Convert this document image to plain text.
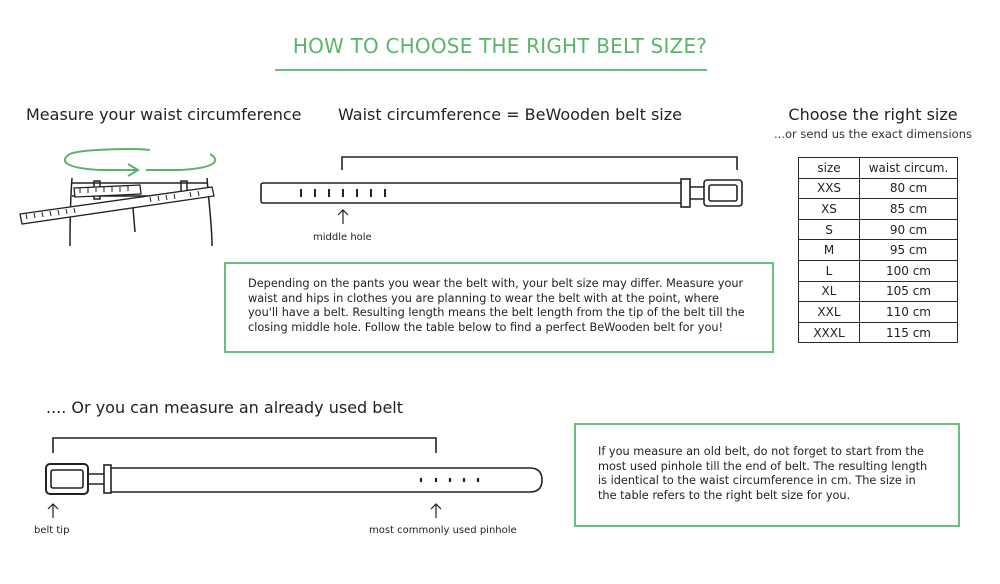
HOW TO CHOOSE THE RIGHT BELT SIZE?
Measure your waist circumference Waist circumference = BeWooden belt size	Choose the right size
...or send us the exact dimensions
.... Or you can measure an already used belt
middle hole
belt tip	most commonly used pinhole
Depending on the pants you wear the belt with, your belt size may differ. Measure your waist and hips in clothes you are planning to wear the belt with at the point, where you'll have a belt. Resulting length means the belt length from the tip of the belt till the closing middle hole. Follow the table below to find a perfect BeWooden belt for you!
If you measure an old belt, do not forget to start from the most used pinhole till the end of belt. The resulting length is identical to the waist circumference in cm. The size in the table refers to the right belt size for you.
size	waist circum.
XXS	80 cm
XS	85 cm
S	90 cm
M	95 cm
L	100 cm
XL	105 cm
XXL	110 cm
XXXL	115 cm
